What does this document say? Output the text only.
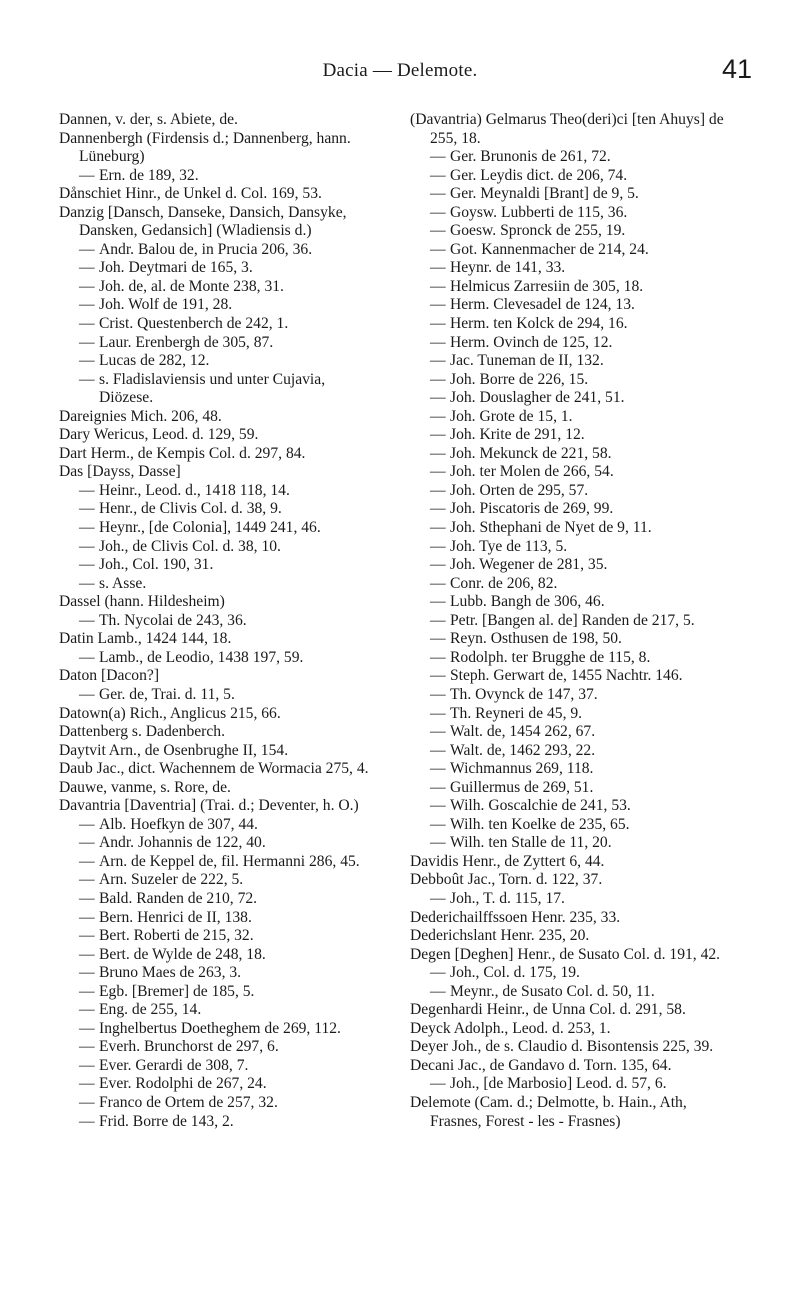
Dacia — Delemote.	41

Dannen, v. der, s. Abiete, de.

Dannenbergh (Firdensis d.; Dannenberg, hann. Lüneburg)

—Ern. de 189, 32.

Dånschiet Hinr., de Unkel d. Col. 169, 53.

Danzig [Dansch, Danseke, Dansich, Dansyke, Dansken, Gedansich] (Wladiensis d.)

—Andr. Balou de, in Prucia 206, 36.

—Joh. Deytmari de 165, 3.

—Joh. de, al. de Monte 238, 31.

—Joh. Wolf de 191, 28.

—Crist. Questenberch de 242, 1.

—Laur. Erenbergh de 305, 87.

—Lucas de 282, 12.

—s. Fladislaviensis und unter Cujavia, Diözese.

Dareignies Mich. 206, 48.

Dary Wericus, Leod. d. 129, 59.

Dart Herm., de Kempis Col. d. 297, 84.

Das [Dayss, Dasse]

—Heinr., Leod. d., 1418 118, 14.

—Henr., de Clivis Col. d. 38, 9.

—Heynr., [de Colonia], 1449 241, 46.

—Joh., de Clivis Col. d. 38, 10.

—Joh., Col. 190, 31.

—s. Asse.

Dassel (hann. Hildesheim)

—Th. Nycolai de 243, 36.

Datin Lamb., 1424 144, 18.

—Lamb., de Leodio, 1438 197, 59.

Daton [Dacon?]

—Ger. de, Trai. d. 11, 5.

Datown(a) Rich., Anglicus 215, 66.

Dattenberg s. Dadenberch.

Daytvit Arn., de Osenbrughe II, 154.

Daub Jac., dict. Wachennem de Wormacia 275, 4.

Dauwe, vanme, s. Rore, de.

Davantria [Daventria] (Trai. d.; Deventer, h. O.)

—Alb. Hoefkyn de 307, 44.

—Andr. Johannis de 122, 40.

—Arn. de Keppel de, fil. Hermanni 286, 45.

—Arn. Suzeler de 222, 5.

—Bald. Randen de 210, 72.

—Bern. Henrici de II, 138.

—Bert. Roberti de 215, 32.

—Bert. de Wylde de 248, 18.

—Bruno Maes de 263, 3.

—Egb. [Bremer] de 185, 5.

—Eng. de 255, 14.

—Inghelbertus Doetheghem de 269, 112.

—Everh. Brunchorst de 297, 6.

—Ever. Gerardi de 308, 7.

—Ever. Rodolphi de 267, 24.

—Franco de Ortem de 257, 32.

—Frid. Borre de 143, 2.

(Davantria) Gelmarus Theo(deri)ci [ten Ahuys] de 255, 18.

—Ger. Brunonis de 261, 72.

—Ger. Leydis dict. de 206, 74.

—Ger. Meynaldi [Brant] de 9, 5.

—Goysw. Lubberti de 115, 36.

—Goesw. Spronck de 255, 19.

—Got. Kannenmacher de 214, 24.

—Heynr. de 141, 33.

—Helmicus Zarresiin de 305, 18.

—Herm. Clevesadel de 124, 13.

—Herm. ten Kolck de 294, 16.

—Herm. Ovinch de 125, 12.

—Jac. Tuneman de II, 132.

—Joh. Borre de 226, 15.

—Joh. Douslagher de 241, 51.

—Joh. Grote de 15, 1.

—Joh. Krite de 291, 12.

—Joh. Mekunck de 221, 58.

—Joh. ter Molen de 266, 54.

—Joh. Orten de 295, 57.

—Joh. Piscatoris de 269, 99.

—Joh. Sthephani de Nyet de 9, 11.

—Joh. Tye de 113, 5.

—Joh. Wegener de 281, 35.

—Conr. de 206, 82.

—Lubb. Bangh de 306, 46.

—Petr. [Bangen al. de] Randen de 217, 5.

—Reyn. Osthusen de 198, 50.

—Rodolph. ter Brugghe de 115, 8.

—Steph. Gerwart de, 1455 Nachtr. 146.

—Th. Ovynck de 147, 37.

—Th. Reyneri de 45, 9.

—Walt. de, 1454 262, 67.

—Walt. de, 1462 293, 22.

—Wichmannus 269, 118.

—Guillermus de 269, 51.

—Wilh. Goscalchie de 241, 53.

—Wilh. ten Koelke de 235, 65.

—Wilh. ten Stalle de 11, 20.

Davidis Henr., de Zyttert 6, 44.

Debboût Jac., Torn. d. 122, 37.

—Joh., T. d. 115, 17.

Dederichailffssoen Henr. 235, 33.

Dederichslant Henr. 235, 20.

Degen [Deghen] Henr., de Susato Col. d. 191, 42.

—Joh., Col. d. 175, 19.

—Meynr., de Susato Col. d. 50, 11.

Degenhardi Heinr., de Unna Col. d. 291, 58.

Deyck Adolph., Leod. d. 253, 1.

Deyer Joh., de s. Claudio d. Bisontensis 225, 39.

Decani Jac., de Gandavo d. Torn. 135, 64.

—Joh., [de Marbosio] Leod. d. 57, 6.

Delemote (Cam. d.; Delmotte, b. Hain., Ath, Frasnes, Forest - les - Frasnes)
